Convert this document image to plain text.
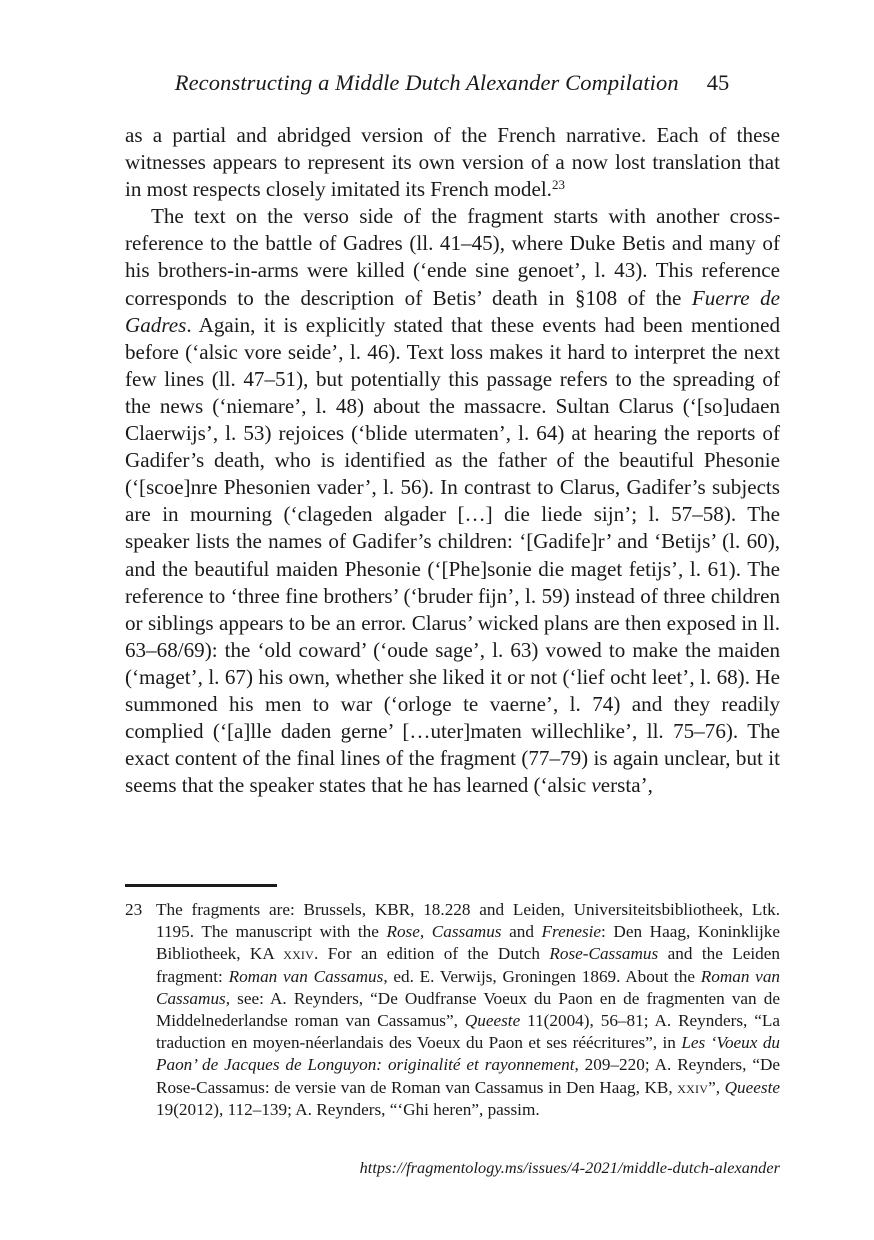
Reconstructing a Middle Dutch Alexander Compilation 45

as a partial and abridged version of the French narrative. Each of these witnesses appears to represent its own version of a now lost translation that in most respects closely imitated its French model.$^{23}$

The text on the verso side of the fragment starts with another cross-reference to the battle of Gadres (ll. 41–45), where Duke Betis and many of his brothers-in-arms were killed (‘ende sine genoet’, l. 43). This reference corresponds to the description of Betis’ death in §108 of the Fuerre de Gadres. Again, it is explicitly stated that these events had been mentioned before (‘alsic vore seide’, l. 46). Text loss makes it hard to interpret the next few lines (ll. 47–51), but potentially this passage refers to the spreading of the news (‘niemare’, l. 48) about the massacre. Sultan Clarus (‘[so]udaen Claerwijs’, l. 53) rejoices (‘blide utermaten’, l. 64) at hearing the reports of Gadifer’s death, who is identified as the father of the beautiful Phesonie (‘[scoe]nre Phesonien vader’, l. 56). In contrast to Clarus, Gadifer’s subjects are in mourning (‘clageden algader […] die liede sijn’; l. 57–58). The speaker lists the names of Gadifer’s children: ‘[Gadife]r’ and ‘Betijs’ (l. 60), and the beautiful maiden Phesonie (‘[Phe]sonie die maget fetijs’, l. 61). The reference to ‘three fine brothers’ (‘bruder fijn’, l. 59) instead of three children or siblings appears to be an error. Clarus’ wicked plans are then exposed in ll. 63–68/69): the ‘old coward’ (‘oude sage’, l. 63) vowed to make the maiden (‘maget’, l. 67) his own, whether she liked it or not (‘lief ocht leet’, l. 68). He summoned his men to war (‘orloge te vaerne’, l. 74) and they readily complied (‘[a]lle daden gerne’ […uter]maten willechlike’, ll. 75–76). The exact content of the final lines of the fragment (77–79) is again unclear, but it seems that the speaker states that he has learned (‘alsic versta’,

23 The fragments are: Brussels, KBR, 18.228 and Leiden, Universiteitsbibliotheek, Ltk. 1195. The manuscript with the Rose, Cassamus and Frenesie: Den Haag, Koninklijke Bibliotheek, KA xxiv. For an edition of the Dutch Rose-Cassamus and the Leiden fragment: Roman van Cassamus, ed. E. Verwijs, Groningen 1869. About the Roman van Cassamus, see: A. Reynders, “De Oudfranse Voeux du Paon en de fragmenten van de Middelnederlandse roman van Cassamus”, Queeste 11(2004), 56–81; A. Reynders, “La traduction en moyen-néerlandais des Voeux du Paon et ses réécritures”, in Les ‘Voeux du Paon’ de Jacques de Longuyon: originalité et rayonnement, 209–220; A. Reynders, “De Rose-Cassamus: de versie van de Roman van Cassamus in Den Haag, KB, xxiv”, Queeste 19(2012), 112–139; A. Reynders, “‘Ghi heren”, passim.
https://fragmentology.ms/issues/4-2021/middle-dutch-alexander
